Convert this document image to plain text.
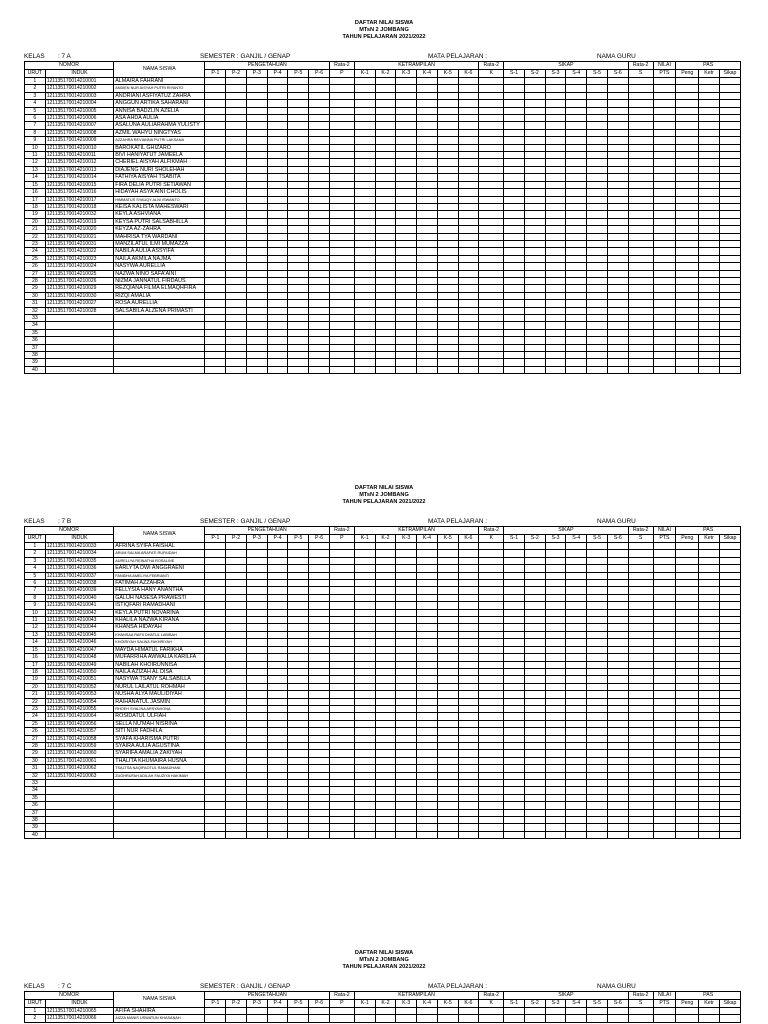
DAFTAR NILAI SISWA
MTsN 2 JOMBANG
TAHUN PELAJARAN 2021/2022
KELAS : 7 A	SEMESTER : GANJIL / GENAP	MATA PELAJARAN :	NAMA GURU
NOMOR		NAMA SISWA	PENGETAHUAN						Rata-2	KETRAMPILAN						Rata-2	SIKAP						Rata-2	NILAI	PAS		
URUT	INDUK		P-1	P-2	P-3	P-4	P-5	P-6	P	K-1	K-2	K-3	K-4	K-5	K-6	K	S-1	S-2	S-3	S-4	S-5	S-6	S	PTS	Peng	Ketr	Sikap
1	121135170014210001	ALMAIRA FAHRANI																									
2	121135170014210002	ANDIEN NUR AISYAH PUTRI RIYANTO																									
3	121135170014210003	ANDRIANI ASFIYATUZ ZAHRA																									
4	121135170014210004	ANGGUN ARTIKA SAHARANI																									
5	121135170014210005	ANNISA BADZLIN AZELIA																									
6	121135170014210006	ASA AHDA AULIA																									
7	121135170014210007	ASALUNA AULIARAHMA YULISTY																									
8	121135170014210008	AZMIL WAHYU NINGTYAS																									
9	121135170014210009	AZZAHRA REVIANNA PUTRI LAKSANA																									
10	121135170014210010	BAROKATIL GHIZARO																									
11	121135170014210011	BIVI HANIYATUT JAMEELA																									
12	121135170014210012	CHERIEL AISYAH ALFIKMAH																									
13	121135170014210013	DIAJENG NURI SHOLEHAH																									
14	121135170014210014	FATHIYA AISYAH TSABITA																									
15	121135170014210015	FIRA DELIA PUTRI SETIAWAN																									
16	121135170014210016	HIDAYAH ASYA'AINI CHOLIS																									
17	121135170014210017	HIMMATUS SYAUQY ALNI ISWANTO																									
18	121135170014210018	KEISA KALISTA MAHESWARI																									
19	121135170014210032	KEYLA ASHVIANA																									
20	121135170014210019	KEYSA PUTRI SALSABHILLA																									
21	121135170014210020	KEYZA AZ-ZAHRA																									
22	121135170014210021	MAHRISA TYA WARDANI																									
23	121135170014210031	MANZILATUL ILMI MUMAZZA																									
24	121135170014210022	NABILA AULIA ASSYIFA																									
25	121135170014210023	NAILA AKMILA NAJMA																									
26	121135170014210024	NASYWA AURELLIA																									
27	121135170014210025	NAZWA NINO SAFA'AINI																									
28	121135170014210026	NIZMA JANNATUL FIRDAUS																									
29	121135170014210029	REZQIANA FILMA ELMAQHFIRA																									
30	121135170014210030	RIZQI AMALIA																									
31	121135170014210027	ROSA AURELLIA																									
32	121135170014210028	SALSABILA ALZENA PRIMASTI																									
33																											
34																											
35																											
36																											
37																											
38																											
39																											
40																											
DAFTAR NILAI SISWA
MTsN 2 JOMBANG
TAHUN PELAJARAN 2021/2022
KELAS : 7 B	SEMESTER : GANJIL / GENAP	MATA PELAJARAN :	NAMA GURU
NOMOR		NAMA SISWA	PENGETAHUAN						Rata-2	KETRAMPILAN						Rata-2	SIKAP						Rata-2	NILAI	PAS		
URUT	INDUK		P-1	P-2	P-3	P-4	P-5	P-6	P	K-1	K-2	K-3	K-4	K-5	K-6	K	S-1	S-2	S-3	S-4	S-5	S-6	S	PTS	Peng	Ketr	Sikap
1	121135170014210033	AFRINA SYIFA FAISHAL																									
2	121135170014210034	ARUM SALMA ARAFATI RUFAIDAH																									
3	121135170014210035	AURELLYA REINATHA ROSALINE																									
4	121135170014210036	EARLYTA DWI ANGGRAENI																									
5	121135170014210037	FANIDHA AMELIYA FEBRIANTI																									
6	121135170014210038	FATIMAH AZZAHRA																									
7	121135170014210039	FELLYSIA HANY ANANTHA																									
8	121135170014210040	GALUH NASESA PRAWESTI																									
9	121135170014210041	ISTIQFARI RAMADHANI																									
10	121135170014210042	KEYLA PUTRI NOVARINA																									
11	121135170014210043	KHALILA NAZWA KIRANA																									
12	121135170014210044	KHANSA HIDAYAH																									
13	121135170014210045	KHANSAA RAFII DHATUL LABIBAH																									
14	121135170014210046	KHOIRIYAH SALWA FAKHRIYAH																									
15	121135170014210047	MAYDA HIMATUL FARIKHA																									
16	121135170014210048	MUFARRIHA AWWALIA KARILFA																									
17	121135170014210049	NABILAH KHOIRUNNISA																									
18	121135170014210050	NAILA AZIZAH AL DISA																									
19	121135170014210051	NASYWA TSANY SALSABILLA																									
20	121135170014210052	NURUL LAILATUL ROHMAH																									
21	121135170014210053	NUSHA ALYA MAULIDIYAH																									
22	121135170014210054	RAIHANATUL JASMIN																									
23	121135170014210055	RHOEH SYALINA ARSYAVIONA																									
24	121135170014210064	ROSIDATUL ULFIAH																									
25	121135170014210056	SELLA NU'MAH NISRINA																									
26	121135170014210057	SITI NUR FADHILA																									
27	121135170014210058	SYAFA KHARISMA PUTRI																									
28	121135170014210059	SYAIRA AULIA AGUSTINA																									
29	121135170014210060	SYARIFA AMALIA ZAKIYAH																									
30	121135170014210061	THALITA KHUMAIRA HUSNA																									
31	121135170014210062	TSALTSA NAQIFAOTUL RAMADHANI																									
32	121135170014210063	ZUGHRUFAH ADILAH FAUZIYA HAKIMAH																									
33																											
34																											
35																											
36																											
37																											
38																											
39																											
40																											
DAFTAR NILAI SISWA
MTsN 2 JOMBANG
TAHUN PELAJARAN 2021/2022
KELAS : 7 C	SEMESTER : GANJIL / GENAP	MATA PELAJARAN :	NAMA GURU
NOMOR		NAMA SISWA	PENGETAHUAN						Rata-2	KETRAMPILAN						Rata-2	SIKAP						Rata-2	NILAI	PAS		
URUT	INDUK		P-1	P-2	P-3	P-4	P-5	P-6	P	K-1	K-2	K-3	K-4	K-5	K-6	K	S-1	S-2	S-3	S-4	S-5	S-6	S	PTS	Peng	Ketr	Sikap
1	121135170014210065	AFIFA SHAHIRA																									
2	121135170014210066	AIZZA MANIS USWATUN KHASANAH																									
